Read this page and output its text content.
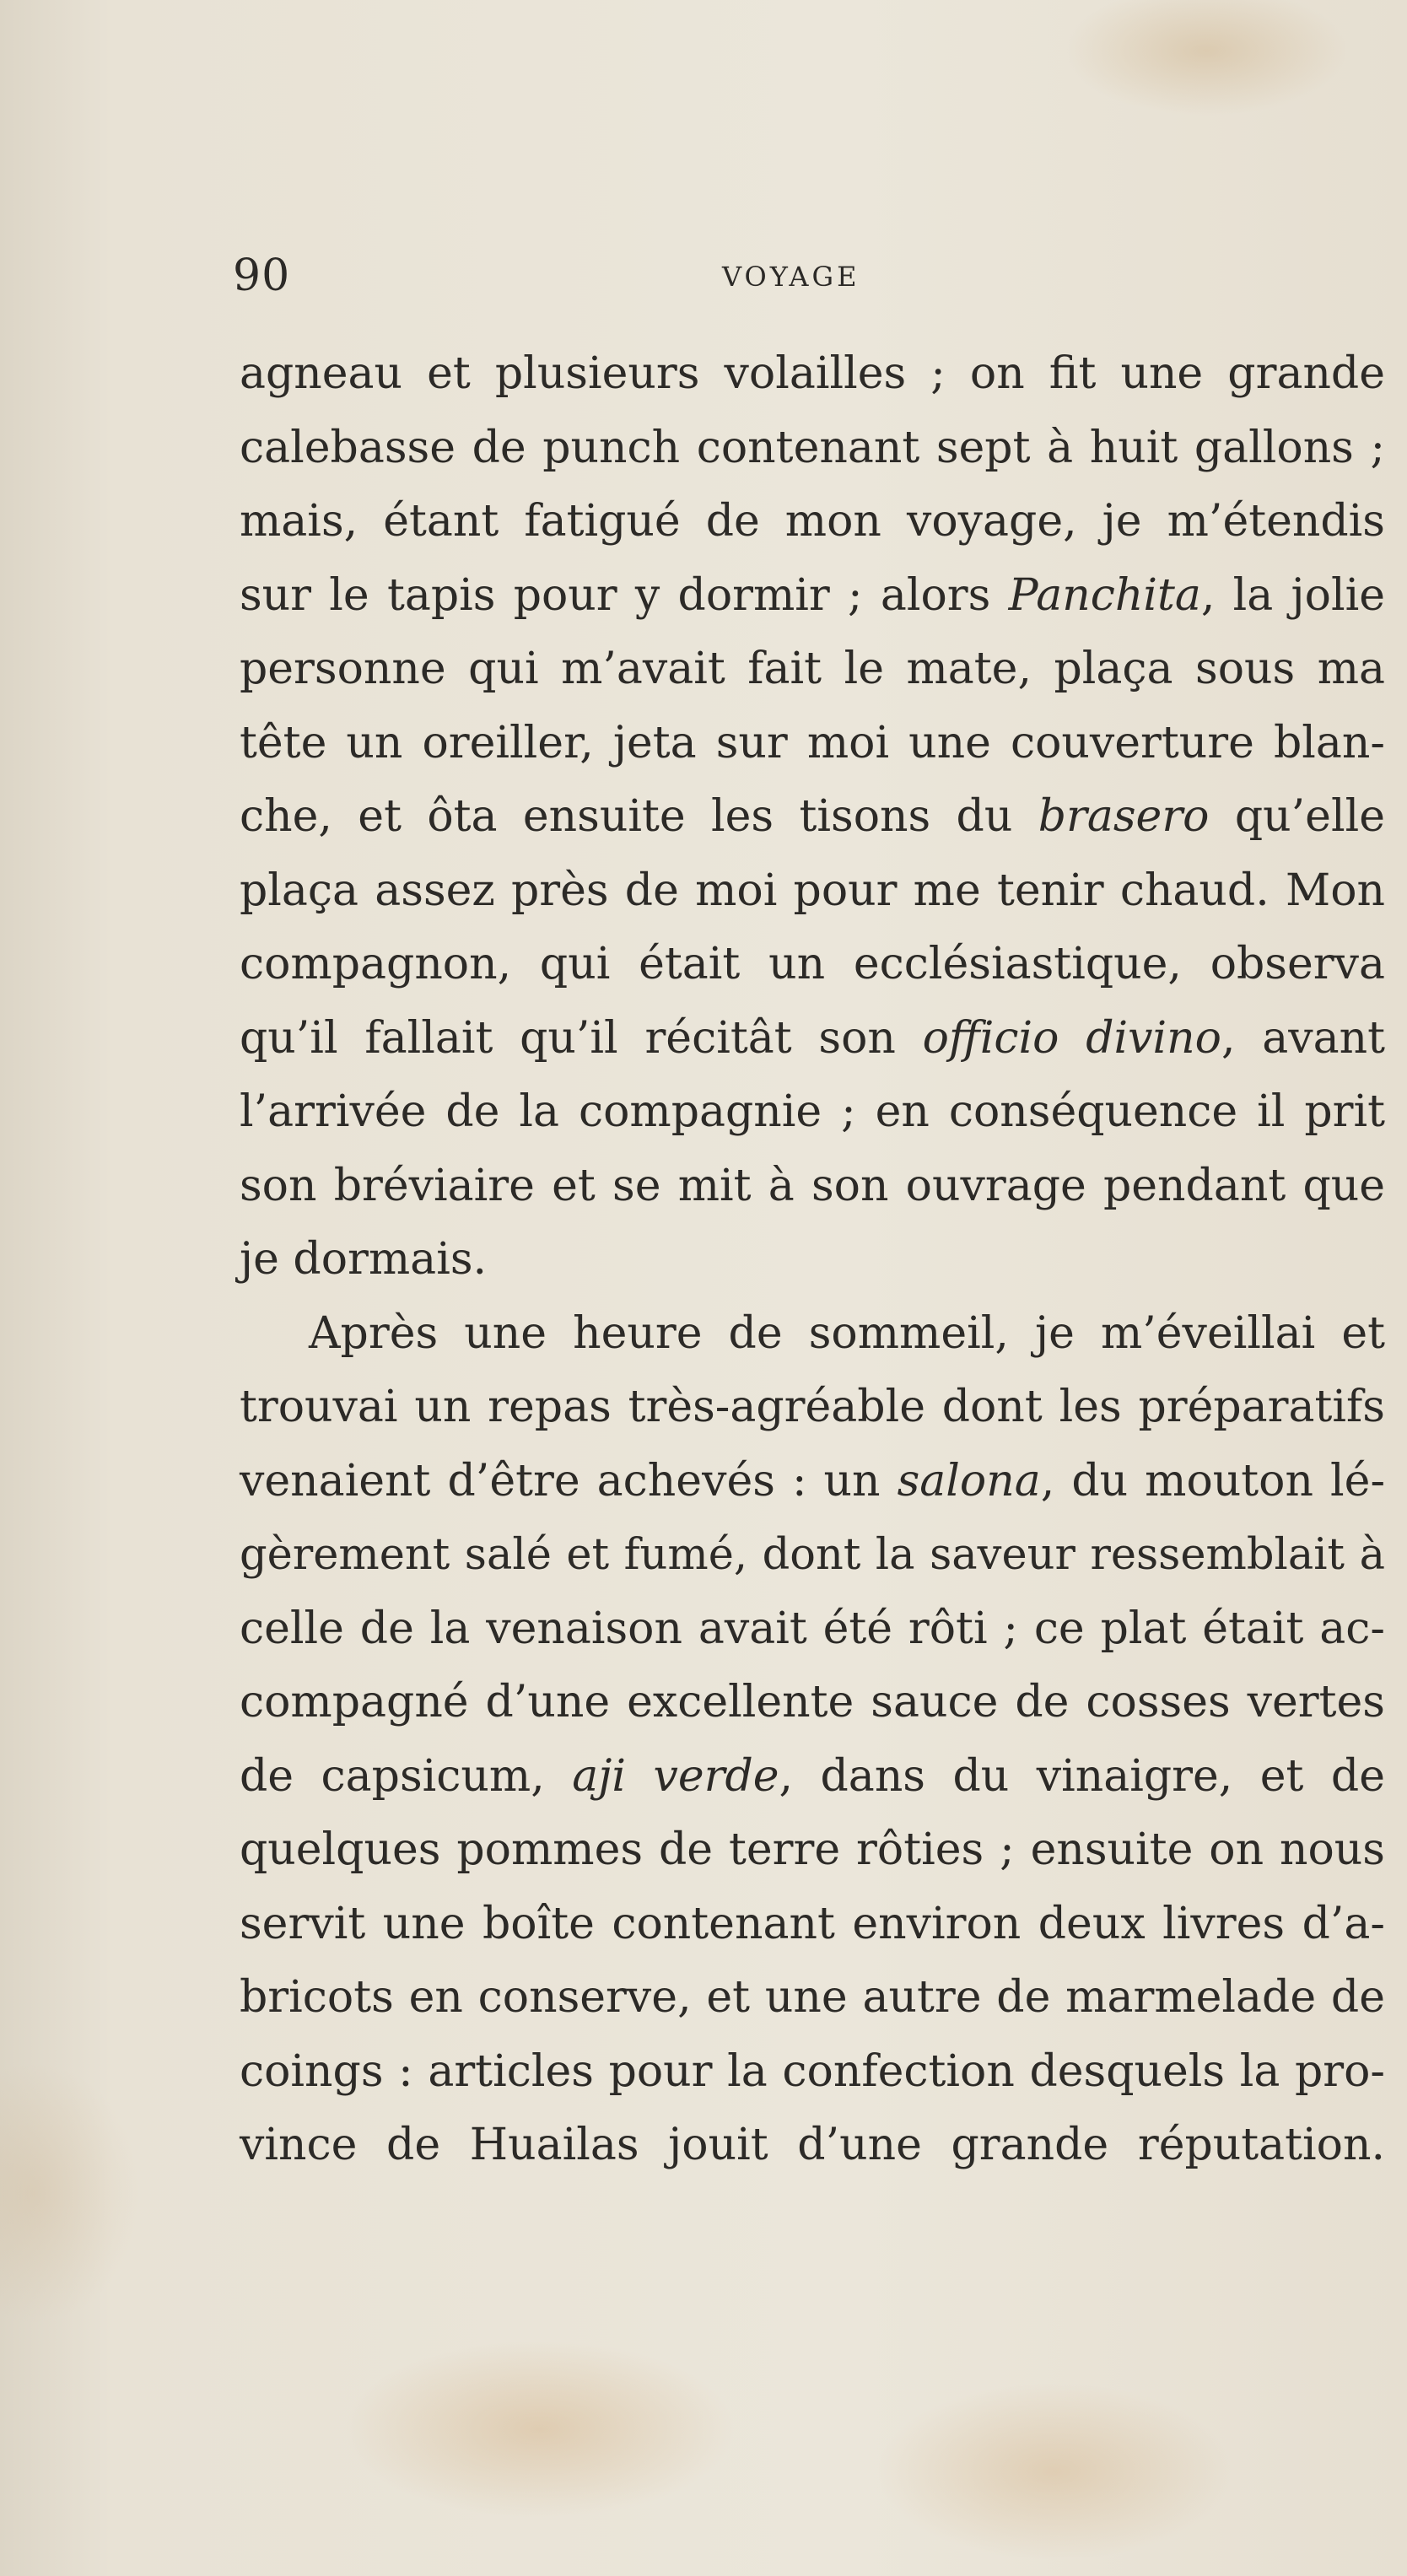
90	VOYAGE
agneau et plusieurs volailles ; on fit une grande
calebasse de punch contenant sept à huit gallons ;
mais, étant fatigué de mon voyage, je m’étendis
sur le tapis pour y dormir ; alors Panchita, la jolie
personne qui m’avait fait le mate, plaça sous ma
tête un oreiller, jeta sur moi une couverture blan-
che, et ôta ensuite les tisons du brasero qu’elle
plaça assez près de moi pour me tenir chaud. Mon
compagnon, qui était un ecclésiastique, observa
qu’il fallait qu’il récitât son officio divino, avant
l’arrivée de la compagnie ; en conséquence il prit
son bréviaire et se mit à son ouvrage pendant que
je dormais.
Après une heure de sommeil, je m’éveillai et
trouvai un repas très-agréable dont les préparatifs
venaient d’être achevés : un salona, du mouton lé-
gèrement salé et fumé, dont la saveur ressemblait à
celle de la venaison avait été rôti ; ce plat était ac-
compagné d’une excellente sauce de cosses vertes
de capsicum, aji verde, dans du vinaigre, et de
quelques pommes de terre rôties ; ensuite on nous
servit une boîte contenant environ deux livres d’a-
bricots en conserve, et une autre de marmelade de
coings : articles pour la confection desquels la pro-
vince de Huailas jouit d’une grande réputation.
